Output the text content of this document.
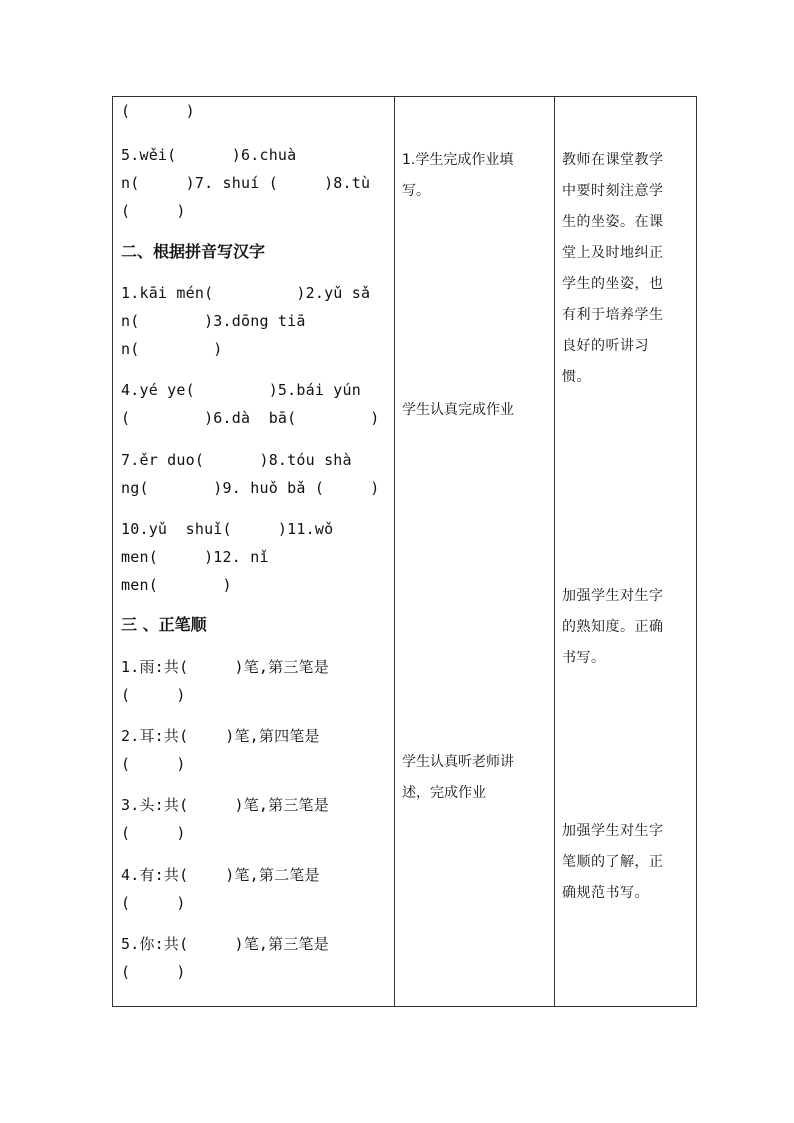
(      )

5.wěi(      )6.chuà

n(     )7. shuí (     )8.tù

(     )

二、根据拼音写汉字

1.kāi mén(         )2.yǔ sǎ

n(       )3.dōng tiā

n(        )

4.yé ye(        )5.bái yún

(        )6.dà  bā(        )

7.ěr duo(      )8.tóu shà

ng(       )9. huǒ bǎ (     )

10.yǔ  shuǐ(     )11.wǒ

men(     )12. nǐ

men(       )

三 、正笔顺

1.雨:共(     )笔,第三笔是

(     )

2.耳:共(    )笔,第四笔是

(     )

3.头:共(     )笔,第三笔是

(     )

4.有:共(    )笔,第二笔是

(     )

5.你:共(     )笔,第三笔是

(     )

1.学生完成作业填

写。

学生认真完成作业

学生认真听老师讲

述，完成作业

教师在课堂教学

中要时刻注意学

生的坐姿。在课

堂上及时地纠正

学生的坐姿，也

有利于培养学生

良好的听讲习

惯。

加强学生对生字

的熟知度。正确

书写。

加强学生对生字

笔顺的了解，正

确规范书写。
